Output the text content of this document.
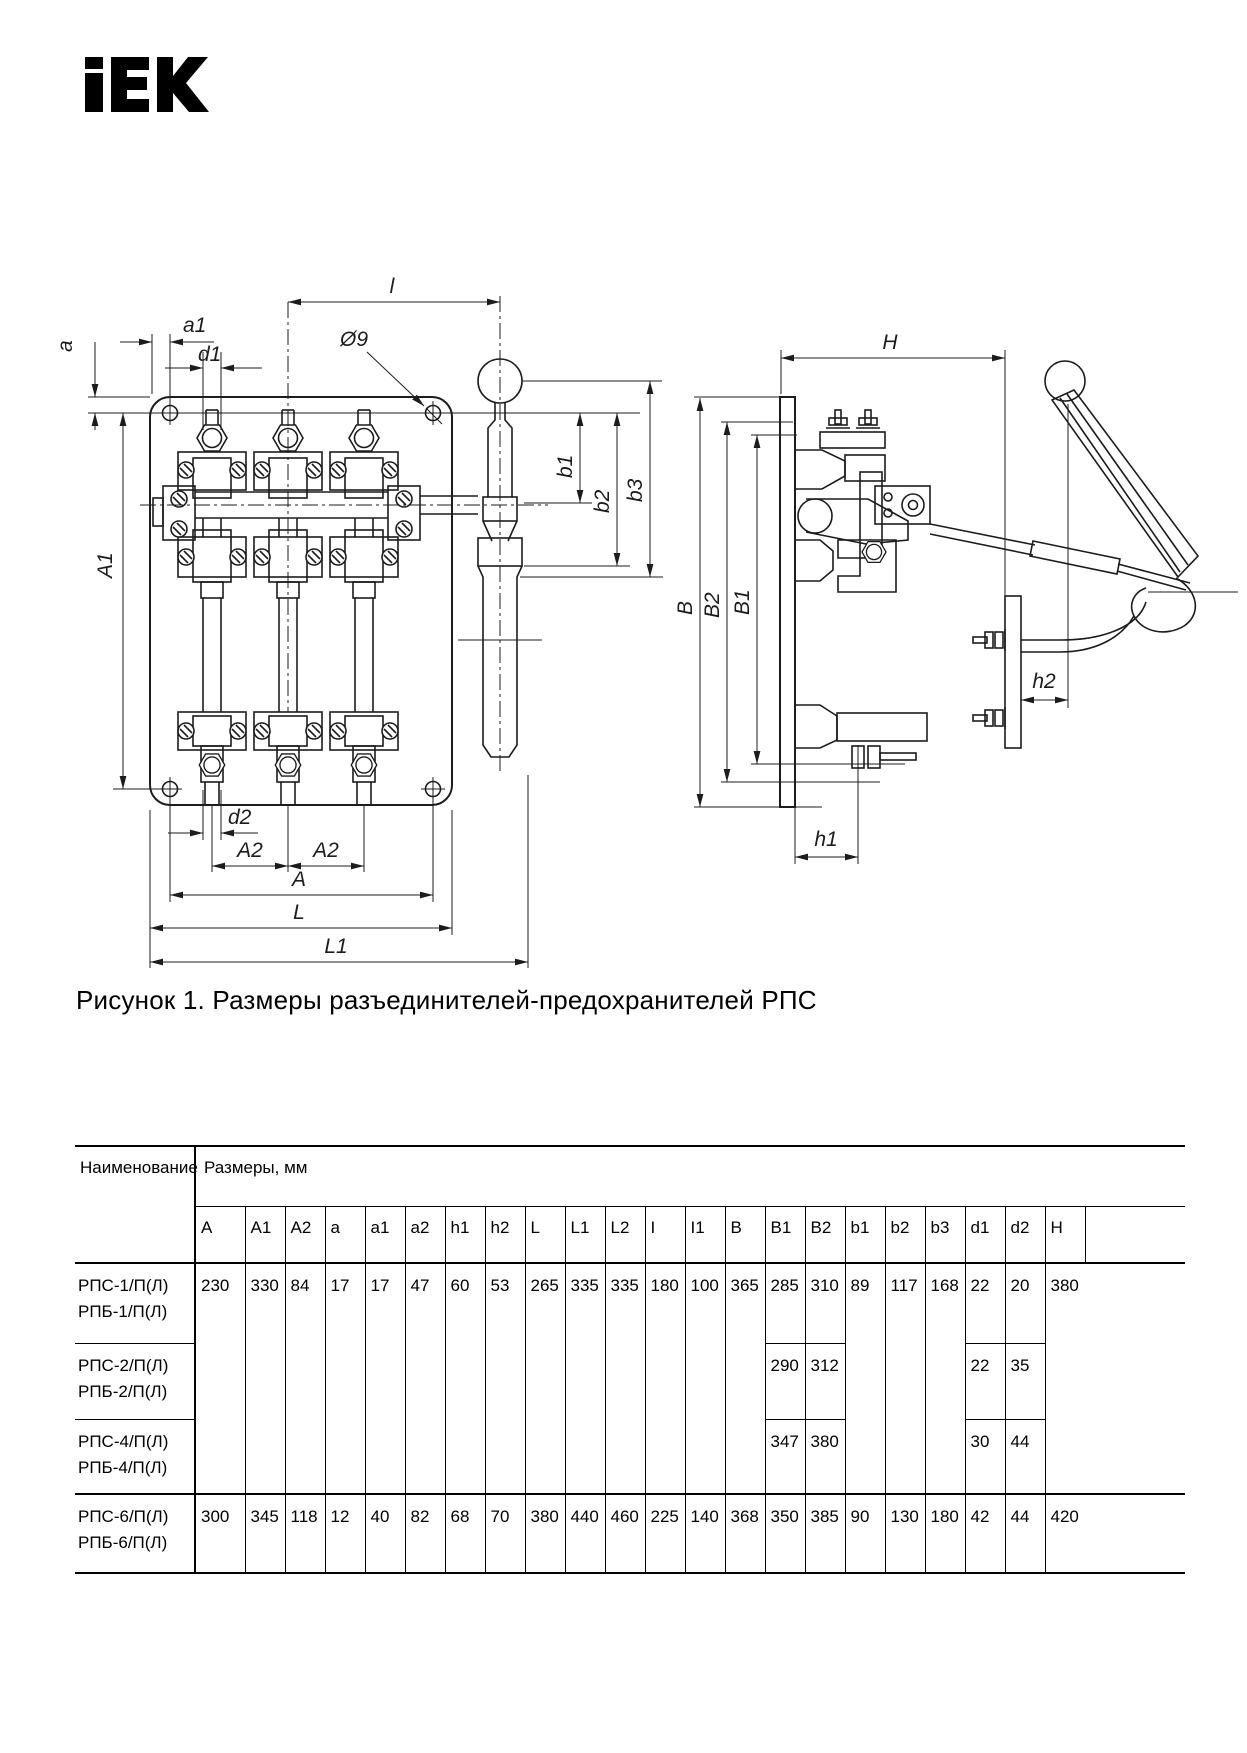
a
a1
d1
Ø9
l
b1
b2 b3
A1
d2
A2 A2
A
L
L1
H
B B2 B1
h2
h1
Рисунок 1. Размеры разъединителей-предохранителей РПС
Наименование	Размеры, мм																						
	A	A1	A2	a	a1	a2	h1	h2	L	L1	L2	I	I1	B	B1	B2	b1	b2	b3	d1	d2	H	
РПС-1/П(Л)
РПБ-1/П(Л)	230	330	84	17	17	47	60	53	265	335	335	180	100	365	285	310	89	117	168	22	20	380	
РПС-2/П(Л)
РПБ-2/П(Л)															290	312				22	35		
РПС-4/П(Л)
РПБ-4/П(Л)															347	380				30	44		
РПС-6/П(Л)
РПБ-6/П(Л)	300	345	118	12	40	82	68	70	380	440	460	225	140	368	350	385	90	130	180	42	44	420	
